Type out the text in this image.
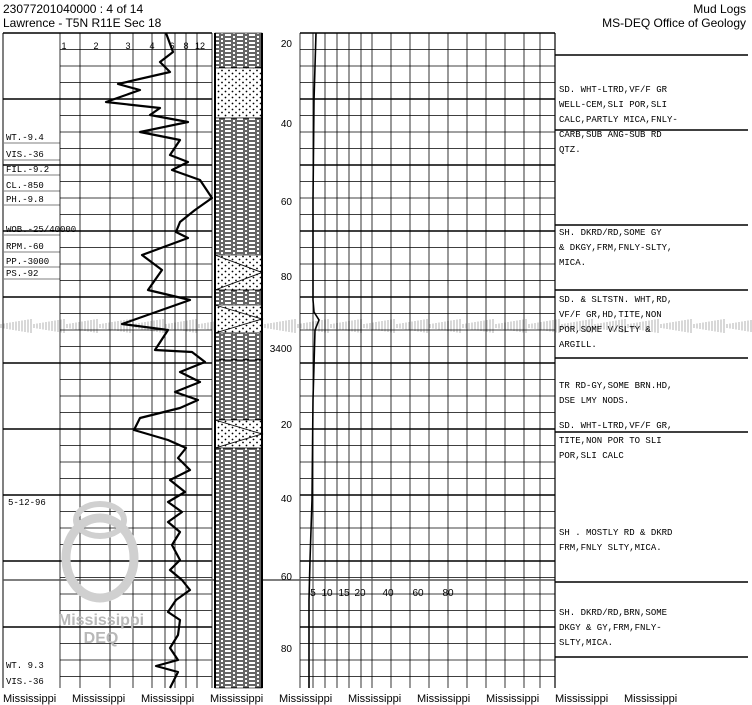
23077201040000 : 4 of 14
Lawrence - T5N R11E Sec 18
Mud Logs
MS-DEQ Office of Geology
Mississippi
DEQ
1	2	3 4 6 8 12
WT.-9.4
VIS.-36
FIL.-9.2
CL.-850
PH.-9.8
WOB.-25/40000
RPM.-60
PP.-3000
PS.-92
WT. 9.3
VIS.-36
5-12-96
20
40
60
80
3400
20
40
60
80
5 10 15 20 40 60 80
SD. WHT-LTRD,VF/F GR
WELL-CEM,SLI POR,SLI
CALC,PARTLY MICA,FNLY-
CARB,SUB ANG-SUB RD
QTZ.
SH. DKRD/RD,SOME GY
& DKGY,FRM,FNLY-SLTY,
MICA.
SD. & SLTSTN. WHT,RD,
VF/F GR,HD,TITE,NON
POR,SOME V/SLTY &
ARGILL.
TR RD-GY,SOME BRN.HD,
DSE LMY NODS.
SD. WHT-LTRD,VF/F GR,
TITE,NON POR TO SLI
POR,SLI CALC
SH . MOSTLY RD & DKRD
FRM,FNLY SLTY,MICA.
SH. DKRD/RD,BRN,SOME
DKGY & GY,FRM,FNLY-
SLTY,MICA.
Mississippi Mississippi Mississippi Mississippi Mississippi Mississippi Mississippi Mississippi Mississippi Mississippi
